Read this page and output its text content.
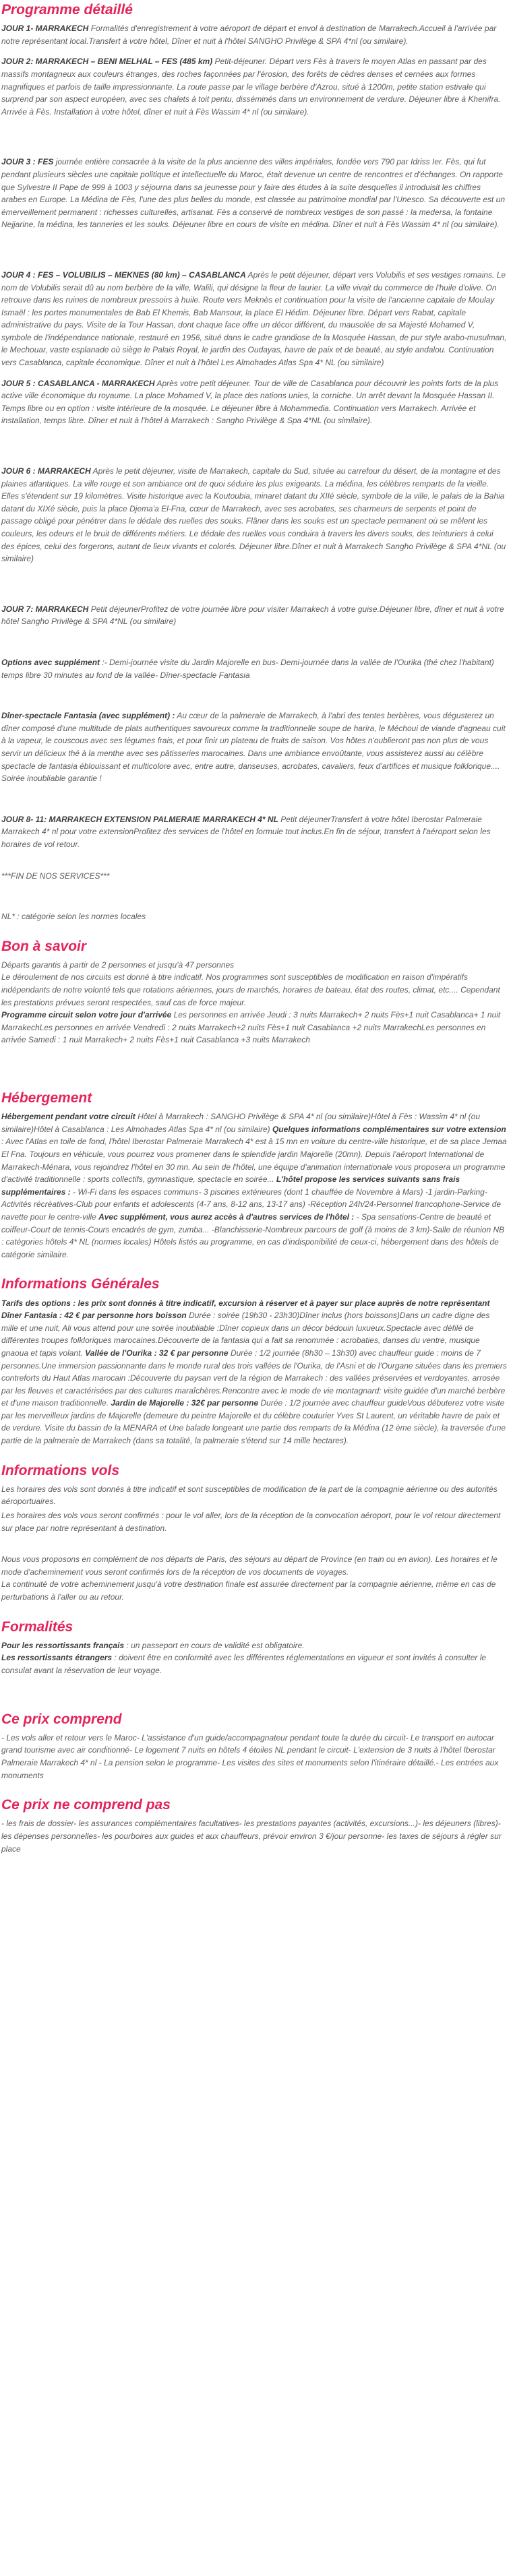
Programme détaillé

JOUR 1- MARRAKECH Formalités d'enregistrement à votre aéroport de départ et envol à destination de Marrakech.Accueil à l'arrivée par notre représentant local.Transfert à votre hôtel, Dîner et nuit à l'hôtel SANGHO Privilège & SPA 4*nl (ou similaire).

JOUR 2: MARRAKECH – BENI MELHAL – FES (485 km) Petit-déjeuner. Départ vers Fès à travers le moyen Atlas en passant par des massifs montagneux aux couleurs étranges, des roches façonnées par l'érosion, des forêts de cèdres denses et cernées aux formes magnifiques et parfois de taille impressionnante. La route passe par le village berbère d'Azrou, situé à 1200m, petite station estivale qui surprend par son aspect européen, avec ses chalets à toit pentu, disséminés dans un environnement de verdure. Déjeuner libre à Khenifra. Arrivée à Fès. Installation à votre hôtel, dîner et nuit à Fès Wassim 4* nl (ou similaire).

JOUR 3 : FES journée entière consacrée à la visite de la plus ancienne des villes impériales, fondée vers 790 par Idriss Ier. Fès, qui fut pendant plusieurs siècles une capitale politique et intellectuelle du Maroc, était devenue un centre de rencontres et d'échanges. On rapporte que Sylvestre II Pape de 999 à 1003 y séjourna dans sa jeunesse pour y faire des études à la suite desquelles il introduisit les chiffres arabes en Europe. La Médina de Fès, l'une des plus belles du monde, est classée au patrimoine mondial par l'Unesco. Sa découverte est un émerveillement permanent : richesses culturelles, artisanat. Fès a conservé de nombreux vestiges de son passé : la medersa, la fontaine Nejjarine, la médina, les tanneries et les souks. Déjeuner libre en cours de visite en médina. Dîner et nuit à Fès Wassim 4* nl (ou similaire).

JOUR 4 : FES – VOLUBILIS – MEKNES (80 km) – CASABLANCA Après le petit déjeuner, départ vers Volubilis et ses vestiges romains. Le nom de Volubilis serait dû au nom berbère de la ville, Walili, qui désigne la fleur de laurier. La ville vivait du commerce de l'huile d'olive. On retrouve dans les ruines de nombreux pressoirs à huile. Route vers Meknès et continuation pour la visite de l'ancienne capitale de Moulay Ismaël : les portes monumentales de Bab El Khemis, Bab Mansour, la place El Hédim. Déjeuner libre. Départ vers Rabat, capitale administrative du pays. Visite de la Tour Hassan, dont chaque face offre un décor différent, du mausolée de sa Majesté Mohamed V, symbole de l'indépendance nationale, restauré en 1956, situé dans le cadre grandiose de la Mosquée Hassan, de pur style arabo-musulman, le Mechouar, vaste esplanade où siège le Palais Royal, le jardin des Oudayas, havre de paix et de beauté, au style andalou. Continuation vers Casablanca, capitale économique. Dîner et nuit à l'hôtel Les Almohades Atlas Spa 4* NL (ou similaire)

JOUR 5 : CASABLANCA - MARRAKECH Après votre petit déjeuner. Tour de ville de Casablanca pour découvrir les points forts de la plus active ville économique du royaume. La place Mohamed V, la place des nations unies, la corniche. Un arrêt devant la Mosquée Hassan II. Temps libre ou en option : visite intérieure de la mosquée. Le déjeuner libre à Mohammedia. Continuation vers Marrakech. Arrivée et installation, temps libre. Dîner et nuit à l'hôtel à Marrakech : Sangho Privilège & Spa 4*NL (ou similaire).

JOUR 6 : MARRAKECH Après le petit déjeuner, visite de Marrakech, capitale du Sud, située au carrefour du désert, de la montagne et des plaines atlantiques. La ville rouge et son ambiance ont de quoi séduire les plus exigeants. La médina, les célèbres remparts de la vieille. Elles s'étendent sur 19 kilomètres. Visite historique avec la Koutoubia, minaret datant du XIIé siècle, symbole de la ville, le palais de la Bahia datant du XIXé siècle, puis la place Djema'a El-Fna, cœur de Marrakech, avec ses acrobates, ses charmeurs de serpents et point de passage obligé pour pénétrer dans le dédale des ruelles des souks. Flâner dans les souks est un spectacle permanent où se mêlent les couleurs, les odeurs et le bruit de différents métiers. Le dédale des ruelles vous conduira à travers les divers souks, des teinturiers à celui des épices, celui des forgerons, autant de lieux vivants et colorés. Déjeuner libre.Dîner et nuit à Marrakech Sangho Privilège & SPA 4*NL (ou similaire)

JOUR 7: MARRAKECH Petit déjeunerProfitez de votre journée libre pour visiter Marrakech à votre guise.Déjeuner libre, dîner et nuit à votre hôtel Sangho Privilège & SPA 4*NL (ou similaire)

Options avec supplément :- Demi-journée visite du Jardin Majorelle en bus- Demi-journée dans la vallée de l'Ourika (thé chez l'habitant) temps libre 30 minutes au fond de la vallée- Dîner-spectacle Fantasia

Dîner-spectacle Fantasia (avec supplément) : Au cœur de la palmeraie de Marrakech, à l'abri des tentes berbères, vous dégusterez un dîner composé d'une multitude de plats authentiques savoureux comme la traditionnelle soupe de harira, le Méchoui de viande d'agneau cuit à la vapeur, le couscous avec ses légumes frais, et pour finir un plateau de fruits de saison. Vos hôtes n'oublieront pas non plus de vous servir un délicieux thé à la menthe avec ses pâtisseries marocaines. Dans une ambiance envoûtante, vous assisterez aussi au célèbre spectacle de fantasia éblouissant et multicolore avec, entre autre, danseuses, acrobates, cavaliers, feux d'artifices et musique folklorique.... Soirée inoubliable garantie !

JOUR 8- 11: MARRAKECH EXTENSION PALMERAIE MARRAKECH 4* NL Petit déjeunerTransfert à votre hôtel Iberostar Palmeraie Marrakech 4* nl pour votre extensionProfitez des services de l'hôtel en formule tout inclus.En fin de séjour, transfert à l'aéroport selon les horaires de vol retour.

***FIN DE NOS SERVICES***

NL* : catégorie selon les normes locales

Bon à savoir

Départs garantis à partir de 2 personnes et jusqu'à 47 personnes

Le déroulement de nos circuits est donné à titre indicatif. Nos programmes sont susceptibles de modification en raison d'impératifs indépendants de notre volonté tels que rotations aériennes, jours de marchés, horaires de bateau, état des routes, climat, etc.... Cependant les prestations prévues seront respectées, sauf cas de force majeur.

Programme circuit selon votre jour d'arrivée Les personnes en arrivée Jeudi : 3 nuits Marrakech+ 2 nuits Fès+1 nuit Casablanca+ 1 nuit MarrakechLes personnes en arrivée Vendredi : 2 nuits Marrakech+2 nuits Fès+1 nuit Casablanca +2 nuits MarrakechLes personnes en arrivée Samedi : 1 nuit Marrakech+ 2 nuits Fès+1 nuit Casablanca +3 nuits Marrakech

Hébergement

Hébergement pendant votre circuit Hôtel à Marrakech : SANGHO Privilège & SPA 4* nl (ou similaire)Hôtel à Fès : Wassim 4* nl (ou similaire)Hôtel à Casablanca : Les Almohades Atlas Spa 4* nl (ou similaire) Quelques informations complémentaires sur votre extension : Avec l'Atlas en toile de fond, l'hôtel Iberostar Palmeraie Marrakech 4* est à 15 mn en voiture du centre-ville historique, et de sa place Jemaa El Fna. Toujours en véhicule, vous pourrez vous promener dans le splendide jardin Majorelle (20mn). Depuis l'aéroport International de Marrakech-Ménara, vous rejoindrez l'hôtel en 30 mn. Au sein de l'hôtel, une équipe d'animation internationale vous proposera un programme d'activité traditionnelle : sports collectifs, gymnastique, spectacle en soirée... L'hôtel propose les services suivants sans frais supplémentaires : - Wi-Fi dans les espaces communs- 3 piscines extérieures (dont 1 chauffée de Novembre à Mars) -1 jardin-Parking-Activités récréatives-Club pour enfants et adolescents (4-7 ans, 8-12 ans, 13-17 ans) -Réception 24h/24-Personnel francophone-Service de navette pour le centre-ville Avec supplément, vous aurez accès à d'autres services de l'hôtel : - Spa sensations-Centre de beauté et coiffeur-Court de tennis-Cours encadrés de gym, zumba... -Blanchisserie-Nombreux parcours de golf (à moins de 3 km)-Salle de réunion NB : catégories hôtels 4* NL (normes locales) Hôtels listés au programme, en cas d'indisponibilité de ceux-ci, hébergement dans des hôtels de catégorie similaire.

Informations Générales

Tarifs des options : les prix sont donnés à titre indicatif, excursion à réserver et à payer sur place auprès de notre représentant Dîner Fantasia : 42 € par personne hors boisson Durée : soirée (19h30 - 23h30)Dîner inclus (hors boissons)Dans un cadre digne des mille et une nuit, Ali vous attend pour une soirée inoubliable :Dîner copieux dans un décor bédouin luxueux.Spectacle avec défilé de différentes troupes folkloriques marocaines.Découverte de la fantasia qui a fait sa renommée : acrobaties, danses du ventre, musique gnaoua et tapis volant. Vallée de l'Ourika : 32 € par personne Durée : 1/2 journée (8h30 – 13h30) avec chauffeur guide : moins de 7 personnes.Une immersion passionnante dans le monde rural des trois vallées de l'Ourika, de l'Asni et de l'Ourgane situées dans les premiers contreforts du Haut Atlas marocain :Découverte du paysan vert de la région de Marrakech : des vallées préservées et verdoyantes, arrosée par les fleuves et caractérisées par des cultures maraîchères.Rencontre avec le mode de vie montagnard: visite guidée d'un marché berbère et d'une maison traditionnelle. Jardin de Majorelle : 32€ par personne Durée : 1/2 journée avec chauffeur guideVous débuterez votre visite par les merveilleux jardins de Majorelle (demeure du peintre Majorelle et du célèbre couturier Yves St Laurent, un véritable havre de paix et de verdure. Visite du bassin de la MENARA et Une balade longeant une partie des remparts de la Médina (12 ème siècle), la traversée d'une partie de la palmeraie de Marrakech (dans sa totalité, la palmeraie s'étend sur 14 mille hectares).

Informations vols

Les horaires des vols sont donnés à titre indicatif et sont susceptibles de modification de la part de la compagnie aérienne ou des autorités aéroportuaires.

Les horaires des vols vous seront confirmés : pour le vol aller, lors de la réception de la convocation aéroport, pour le vol retour directement sur place par notre représentant à destination.

Nous vous proposons en complément de nos départs de Paris, des séjours au départ de Province (en train ou en avion). Les horaires et le mode d'acheminement vous seront confirmés lors de la réception de vos documents de voyages.

La continuité de votre acheminement jusqu'à votre destination finale est assurée directement par la compagnie aérienne, même en cas de perturbations à l'aller ou au retour.

Formalités

Pour les ressortissants français : un passeport en cours de validité est obligatoire.

Les ressortissants étrangers : doivent être en conformité avec les différentes réglementations en vigueur et sont invités à consulter le consulat avant la réservation de leur voyage.

Ce prix comprend

- Les vols aller et retour vers le Maroc- L'assistance d'un guide/accompagnateur pendant toute la durée du circuit- Le transport en autocar grand tourisme avec air conditionné- Le logement 7 nuits en hôtels 4 étoiles NL pendant le circuit- L'extension de 3 nuits à l'hôtel Iberostar Palmeraie Marrakech 4* nl - La pension selon le programme- Les visites des sites et monuments selon l'itinéraire détaillé.- Les entrées aux monuments

Ce prix ne comprend pas

- les frais de dossier- les assurances complémentaires facultatives- les prestations payantes (activités, excursions...)- les déjeuners (libres)- les dépenses personnelles- les pourboires aux guides et aux chauffeurs, prévoir environ 3 €/jour personne- les taxes de séjours à régler sur place
